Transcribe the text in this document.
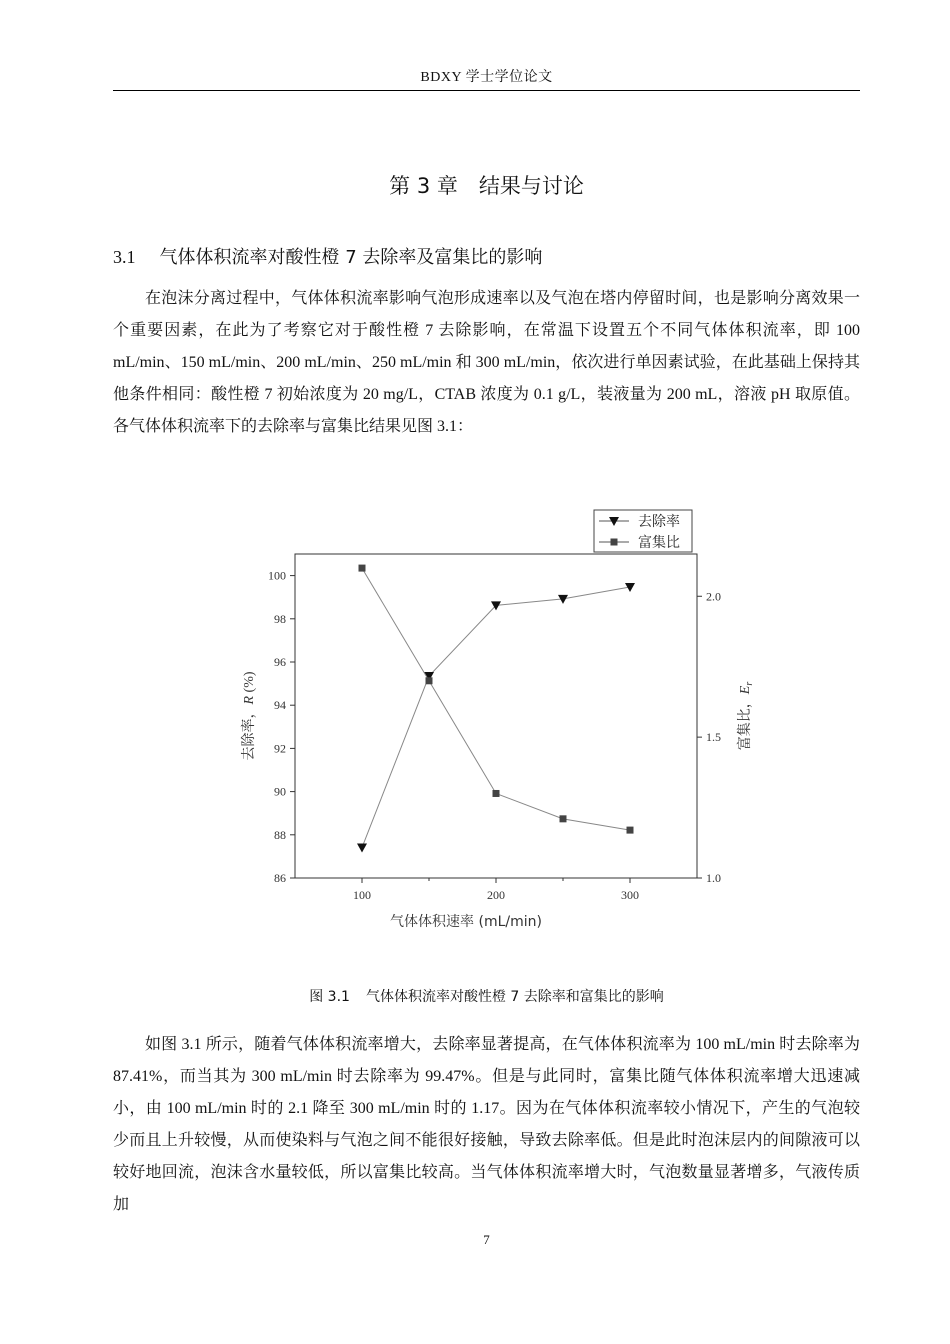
BDXY 学士学位论文
第 3 章　结果与讨论
3.1 气体体积流率对酸性橙 7 去除率及富集比的影响

在泡沫分离过程中，气体体积流率影响气泡形成速率以及气泡在塔内停留时间，也是影响分离效果一个重要因素，在此为了考察它对于酸性橙 7 去除影响，在常温下设置五个不同气体体积流率，即 100 mL/min、150 mL/min、200 mL/min、250 mL/min 和 300 mL/min，依次进行单因素试验，在此基础上保持其他条件相同：酸性橙 7 初始浓度为 20 mg/L，CTAB 浓度为 0.1 g/L，装液量为 200 mL，溶液 pH 取原值。各气体体积流率下的去除率与富集比结果见图 3.1：

100	200	300
86
88
90
92
94
96
98
100
1.0
1.5
2.0
气体体积速率 (mL/min)
去除率，R (%)
富集比，$E_r$
去除率
富集比
图 3.1 气体体积流率对酸性橙 7 去除率和富集比的影响

如图 3.1 所示，随着气体体积流率增大，去除率显著提高，在气体体积流率为 100 mL/min 时去除率为 87.41%，而当其为 300 mL/min 时去除率为 99.47%。但是与此同时，富集比随气体体积流率增大迅速减小，由 100 mL/min 时的 2.1 降至 300 mL/min 时的 1.17。因为在气体体积流率较小情况下，产生的气泡较少而且上升较慢，从而使染料与气泡之间不能很好接触，导致去除率低。但是此时泡沫层内的间隙液可以较好地回流，泡沫含水量较低，所以富集比较高。当气体体积流率增大时，气泡数量显著增多，气液传质加

7
